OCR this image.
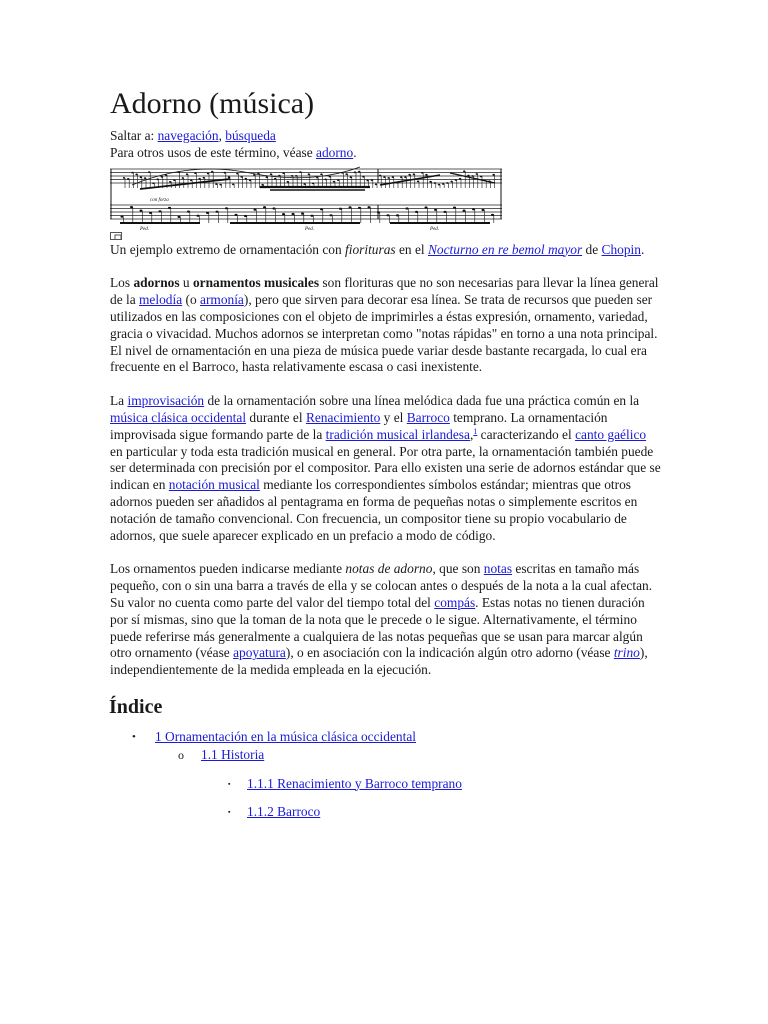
Adorno (música)

Saltar a: navegación, búsqueda

Para otros usos de este término, véase adorno.

con forza
Ped.	Ped.	Ped.

Un ejemplo extremo de ornamentación con fiorituras en el Nocturno en re bemol mayor de Chopin.

Los adornos u ornamentos musicales son florituras que no son necesarias para llevar la línea general de la melodía (o armonía), pero que sirven para decorar esa línea. Se trata de recursos que pueden ser utilizados en las composiciones con el objeto de imprimirles a éstas expresión, ornamento, variedad, gracia o vivacidad. Muchos adornos se interpretan como "notas rápidas" en torno a una nota principal. El nivel de ornamentación en una pieza de música puede variar desde bastante recargada, lo cual era frecuente en el Barroco, hasta relativamente escasa o casi inexistente.

La improvisación de la ornamentación sobre una línea melódica dada fue una práctica común en la música clásica occidental durante el Renacimiento y el Barroco temprano. La ornamentación improvisada sigue formando parte de la tradición musical irlandesa,$^1$ caracterizando el canto gaélico en particular y toda esta tradición musical en general. Por otra parte, la ornamentación también puede ser determinada con precisión por el compositor. Para ello existen una serie de adornos estándar que se indican en notación musical mediante los correspondientes símbolos estándar; mientras que otros adornos pueden ser añadidos al pentagrama en forma de pequeñas notas o simplemente escritos en notación de tamaño convencional. Con frecuencia, un compositor tiene su propio vocabulario de adornos, que suele aparecer explicado en un prefacio a modo de código.

Los ornamentos pueden indicarse mediante notas de adorno, que son notas escritas en tamaño más pequeño, con o sin una barra a través de ella y se colocan antes o después de la nota a la cual afectan. Su valor no cuenta como parte del valor del tiempo total del compás. Estas notas no tienen duración por sí mismas, sino que la toman de la nota que le precede o le sigue. Alternativamente, el término puede referirse más generalmente a cualquiera de las notas pequeñas que se usan para marcar algún otro ornamento (véase apoyatura), o en asociación con la indicación algún otro adorno (véase trino), independientemente de la medida empleada en la ejecución.

Índice
• 1 Ornamentación en la música clásica occidental
o 1.1 Historia
▪ 1.1.1 Renacimiento y Barroco temprano
▪ 1.1.2 Barroco
